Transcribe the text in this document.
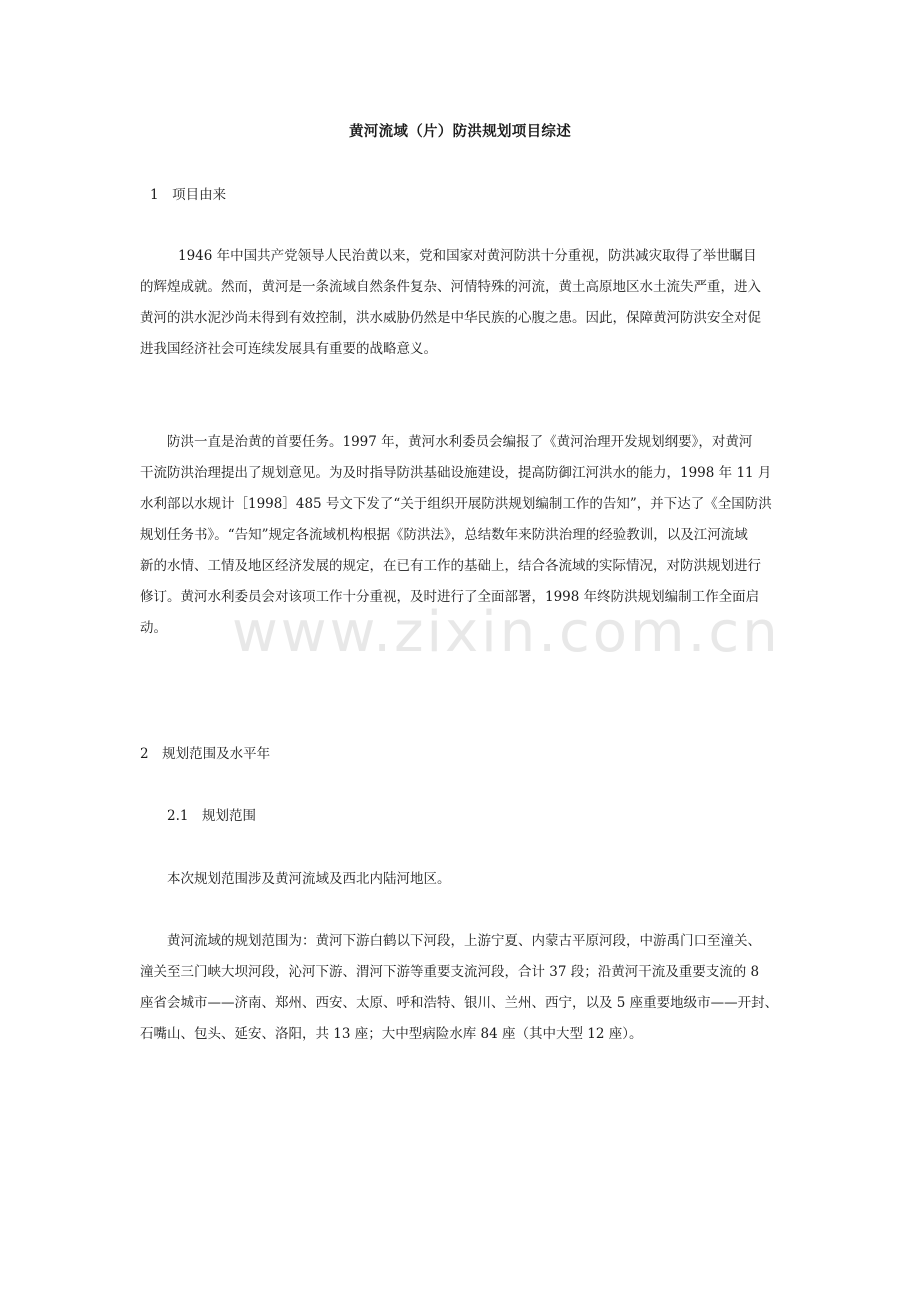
www.zixin.com.cn
黄河流域（片）防洪规划项目综述
1　项目由来
1946 年中国共产党领导人民治黄以来，党和国家对黄河防洪十分重视，防洪减灾取得了举世瞩目
的辉煌成就。然而，黄河是一条流域自然条件复杂、河情特殊的河流，黄土高原地区水土流失严重，进入
黄河的洪水泥沙尚未得到有效控制，洪水威胁仍然是中华民族的心腹之患。因此，保障黄河防洪安全对促
进我国经济社会可连续发展具有重要的战略意义。
防洪一直是治黄的首要任务。1997 年，黄河水利委员会编报了《黄河治理开发规划纲要》，对黄河
干流防洪治理提出了规划意见。为及时指导防洪基础设施建设，提高防御江河洪水的能力，1998 年 11 月
水利部以水规计［1998］485 号文下发了“关于组织开展防洪规划编制工作的告知”，并下达了《全国防洪
规划任务书》。“告知”规定各流域机构根据《防洪法》，总结数年来防洪治理的经验教训，以及江河流域
新的水情、工情及地区经济发展的规定，在已有工作的基础上，结合各流域的实际情况，对防洪规划进行
修订。黄河水利委员会对该项工作十分重视，及时进行了全面部署，1998 年终防洪规划编制工作全面启
动。
2　规划范围及水平年
2.1　规划范围
本次规划范围涉及黄河流域及西北内陆河地区。
黄河流域的规划范围为：黄河下游白鹤以下河段，上游宁夏、内蒙古平原河段，中游禹门口至潼关、
潼关至三门峡大坝河段，沁河下游、渭河下游等重要支流河段，合计 37 段；沿黄河干流及重要支流的 8
座省会城市——济南、郑州、西安、太原、呼和浩特、银川、兰州、西宁，以及 5 座重要地级市——开封、
石嘴山、包头、延安、洛阳，共 13 座；大中型病险水库 84 座（其中大型 12 座）。
